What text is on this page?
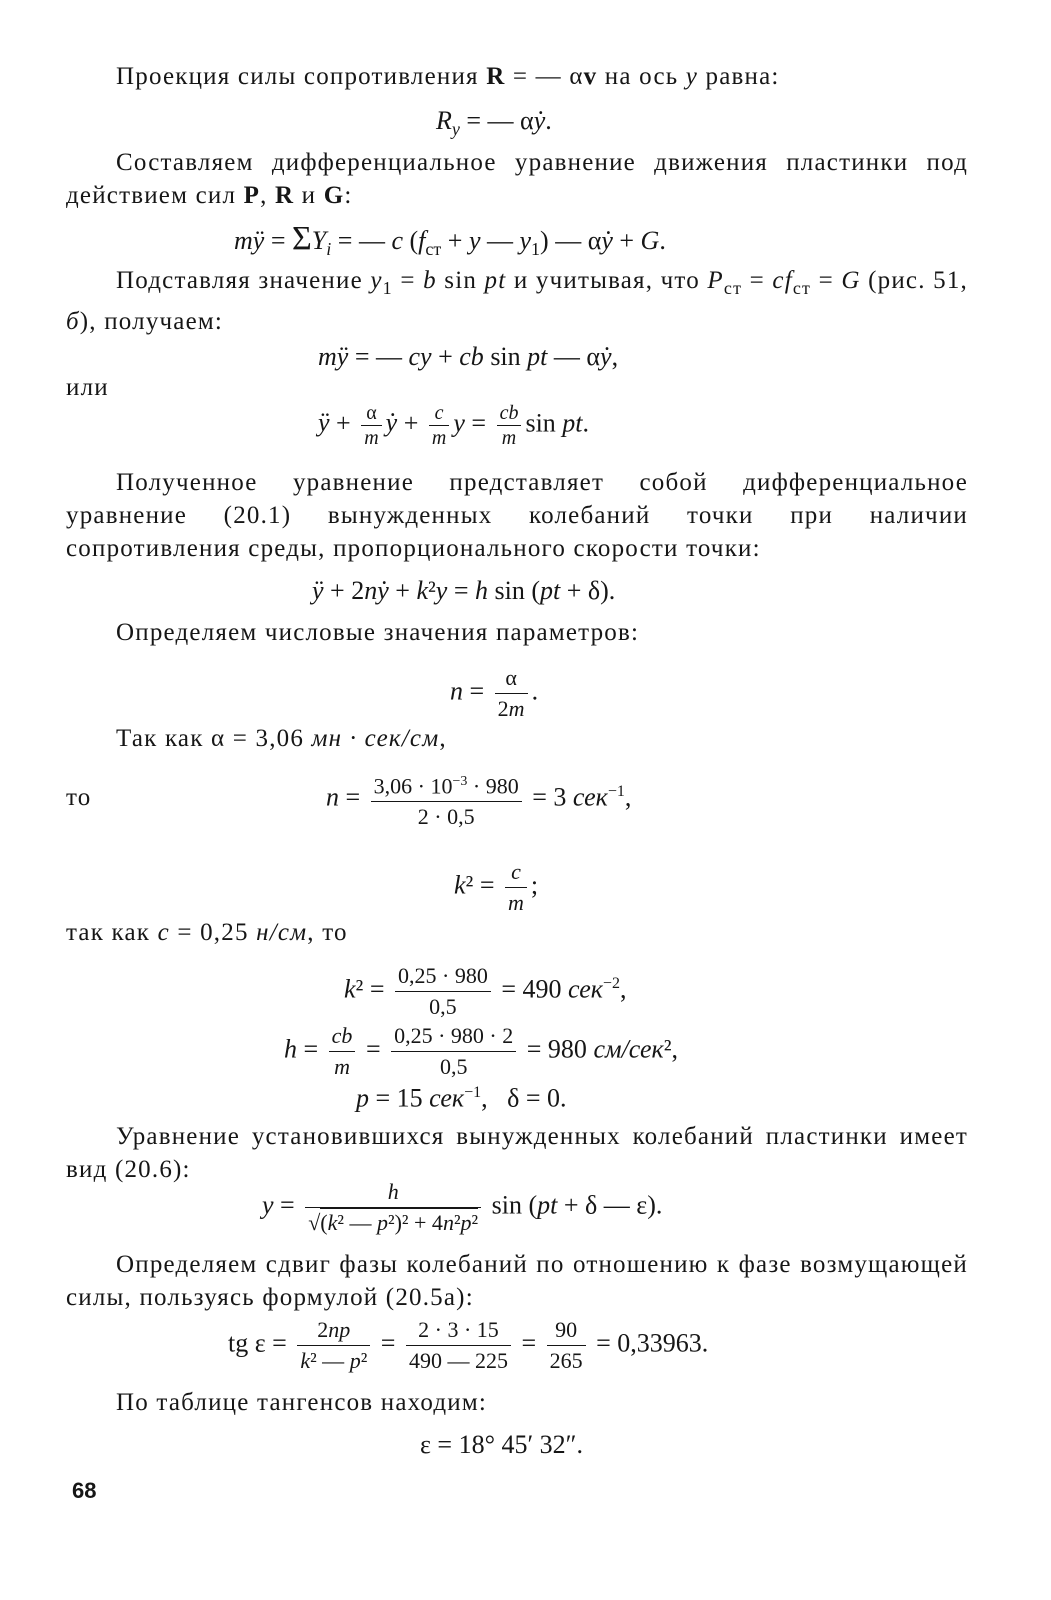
Проекция силы сопротивления R = — αv на ось y равна:
$R_y$ = — αy ..
Составляем дифференциальное уравнение движения пластинки под действием сил P, R и G:
my .. = $\Sigma Y_i$ = — c ($f_{ст} + y$ — $y_1$) — αy . + G.
Подставляя значение $y_1 = b$ sin pt и учитывая, что $P_{ст} = cf_{ст} = G$ (рис. 51, б), получаем:
my .. = — cy + cb sin pt — αy .,
или
y .. + $\frac{\alpha}{m}$ y . + $\frac{c}{m}$ $y = \frac{cb}{m}$ sin pt.
Полученное уравнение представляет собой дифференциальное уравнение (20.1) вынужденных колебаний точки при наличии сопротивления среды, пропорционального скорости точки:
y .. + 2ny . + k²y = h sin (pt + δ).
Определяем числовые значения параметров:
$n = \frac{\alpha}{2m}$ .
Так как α = 3,06 мн · сек/см,
то	$n = \frac{3,06 \cdot 10^{-3} \cdot 980}{2 \cdot 0,5} = 3$ сек$^{-1}$,
$k^2 = \frac{c}{m}$ ;
так как c = 0,25 н/см, то
$k^2 = \frac{0,25 \cdot 980}{0,5} = 490$ сек$^{-2}$,
$h = \frac{cb}{m} = \frac{0,25 \cdot 980 \cdot 2}{0,5} = 980$ см/сек²,
p = 15 сек$^{-1}$,   δ = 0.
Уравнение установившихся вынужденных колебаний пластинки имеет вид (20.6):
$y = \frac{h}{\text{√(k² — p²)² + 4n²p²}}$ sin (pt + δ — ε).
Определяем сдвиг фазы колебаний по отношению к фазе возмущающей силы, пользуясь формулой (20.5а):
tg $\varepsilon = \frac{2np}{\text{k² — p²}} = \frac{2 \cdot 3 \cdot 15}{490 — 225} = \frac{90}{265} = 0,33963$.
По таблице тангенсов находим:
ε = 18° 45′ 32″.
68
